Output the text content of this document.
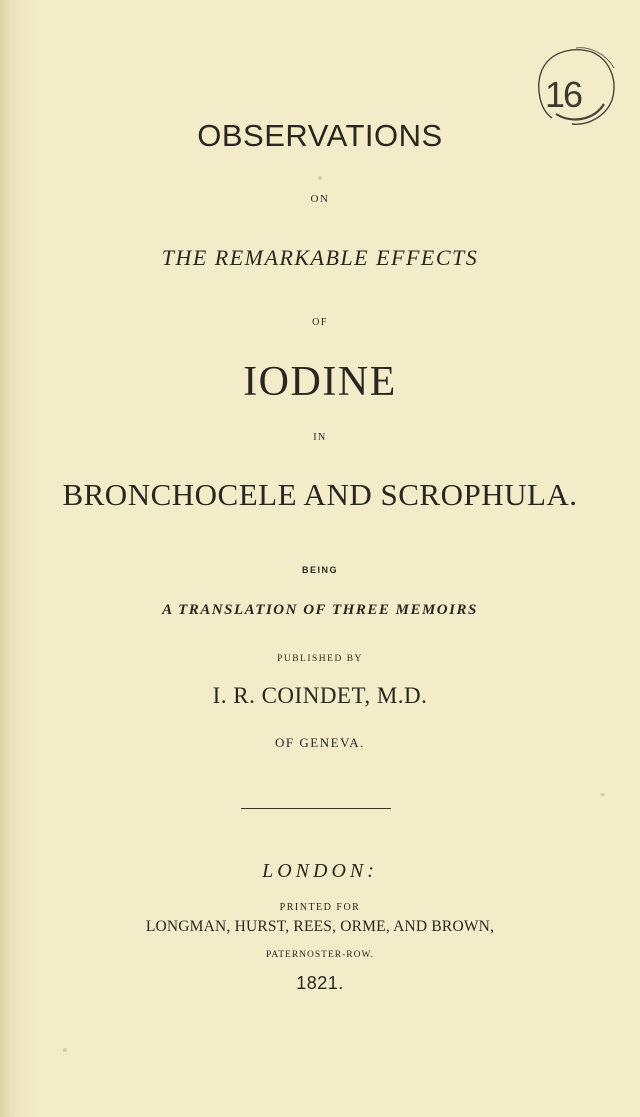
16
OBSERVATIONS
ON
THE REMARKABLE EFFECTS
OF
IODINE
IN
BRONCHOCELE AND SCROPHULA.
BEING
A TRANSLATION OF THREE MEMOIRS
PUBLISHED BY
I. R. COINDET, M.D.
OF GENEVA.
LONDON:
PRINTED FOR
LONGMAN, HURST, REES, ORME, AND BROWN,
PATERNOSTER-ROW.
1821.
